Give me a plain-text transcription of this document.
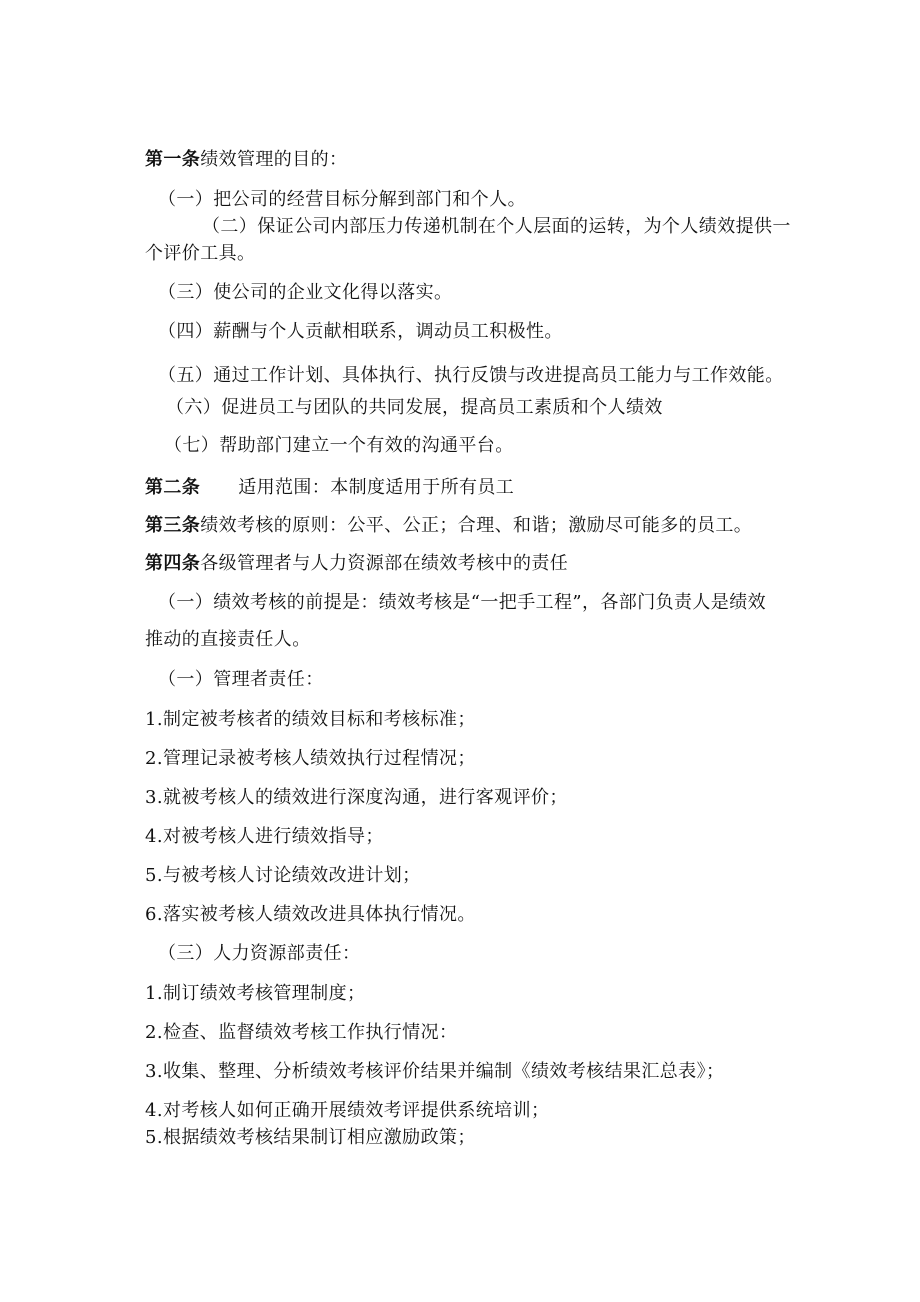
第一条绩效管理的目的：
（一）把公司的经营目标分解到部门和个人。
（二）保证公司内部压力传递机制在个人层面的运转，为个人绩效提供一
个评价工具。
（三）使公司的企业文化得以落实。
（四）薪酬与个人贡献相联系，调动员工积极性。
（五）通过工作计划、具体执行、执行反馈与改进提高员工能力与工作效能。
（六）促进员工与团队的共同发展，提高员工素质和个人绩效
（七）帮助部门建立一个有效的沟通平台。
第二条 适用范围：本制度适用于所有员工
第三条绩效考核的原则：公平、公正；合理、和谐；激励尽可能多的员工。
第四条各级管理者与人力资源部在绩效考核中的责任
（一）绩效考核的前提是：绩效考核是“一把手工程”，各部门负责人是绩效
推动的直接责任人。
（一）管理者责任：
1.制定被考核者的绩效目标和考核标准；
2.管理记录被考核人绩效执行过程情况；
3.就被考核人的绩效进行深度沟通，进行客观评价；
4.对被考核人进行绩效指导；
5.与被考核人讨论绩效改进计划；
6.落实被考核人绩效改进具体执行情况。
（三）人力资源部责任：
1.制订绩效考核管理制度；
2.检查、监督绩效考核工作执行情况：
3.收集、整理、分析绩效考核评价结果并编制《绩效考核结果汇总表》；
4.对考核人如何正确开展绩效考评提供系统培训；
5.根据绩效考核结果制订相应激励政策；
